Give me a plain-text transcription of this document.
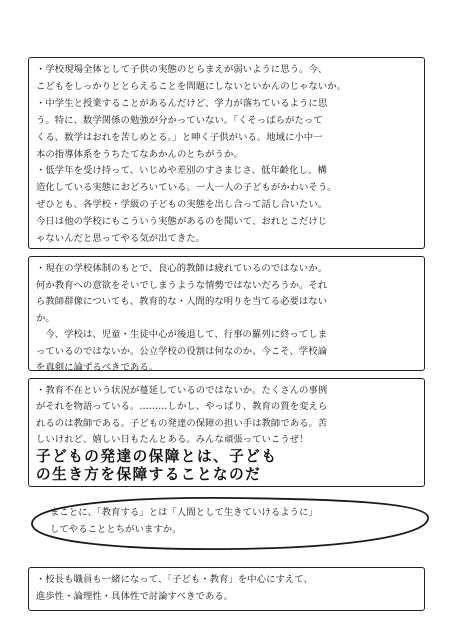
・学校現場全体として子供の実態のとらまえが弱いように思う。今、
こどもをしっかりととらえることを問題にしないといかんのじゃないか。
・中学生と授業することがあるんだけど、学力が落ちているように思
う。特に、数学関係の勉強が分かっていない。「くそっぱらがたって
くる、数学はおれを苦しめとる。」と呻く子供がいる。地域に小中一
本の指導体系をうちたてなあかんのとちがうか。
・低学年を受け持って、いじめや差別のすさまじさ、低年齢化し、構
造化している実態におどろいている。一人一人の子どもがかわいそう。
ぜひとも、各学校・学級の子どもの実態を出し合って話し合いたい。
今日は他の学校にもこういう実態があるのを聞いて、おれとこだけじ
ゃないんだと思ってやる気が出てきた。
・現在の学校体制のもとで、良心的教師は疲れているのではないか。
何か教育への意欲をそいでしまうような情勢ではないだろうか。それ
ら教師群像についても、教育的な・人間的な明りを当てる必要はない
か。
　今、学校は、児童・生徒中心が後退して、行事の羅列に終ってしま
っているのではないか。公立学校の役割は何なのか、今こそ、学校論
を真剣に論ずるべきである。
・教育不在という状況が蔓延しているのではないか。たくさんの事例
がそれを物語っている。………しかし、やっぱり、教育の質を変えら
れるのは教師である。子どもの発達の保障の担い手は教師である。苦
しいけれど、嬉しい日もたんとある。みんな頑張っていこうぜ！
子どもの発達の保障とは、子ども
の生き方を保障することなのだ
まことに、「教育する」とは「人間として生きていけるように」
してやることとちがいますか。
・校長も職員も一緒になって、「子ども・教育」を中心にすえて、
進歩性・論理性・具体性で討論すべきである。
